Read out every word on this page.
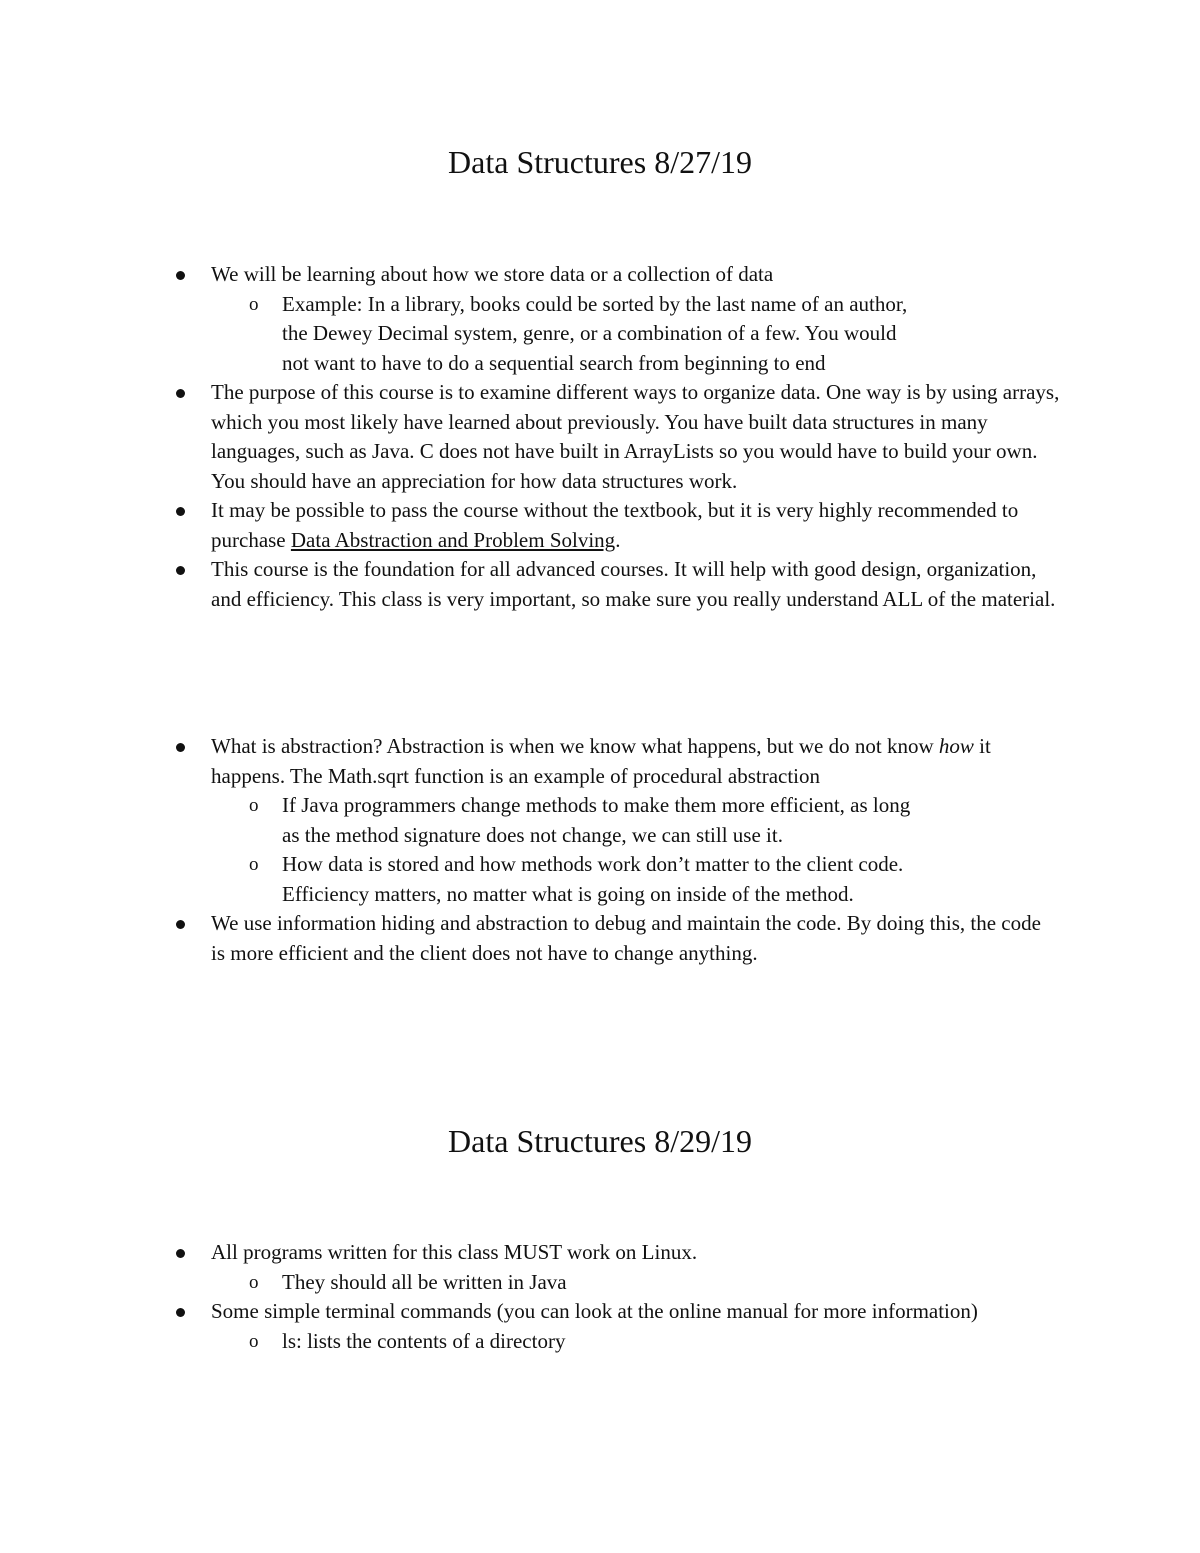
Data Structures 8/27/19
We will be learning about how we store data or a collection of data
o Example: In a library, books could be sorted by the last name of an author, the Dewey Decimal system, genre, or a combination of a few. You would not want to have to do a sequential search from beginning to end
The purpose of this course is to examine different ways to organize data. One way is by using arrays, which you most likely have learned about previously. You have built data structures in many languages, such as Java. C does not have built in ArrayLists so you would have to build your own. You should have an appreciation for how data structures work.
It may be possible to pass the course without the textbook, but it is very highly recommended to purchase Data Abstraction and Problem Solving.
This course is the foundation for all advanced courses. It will help with good design, organization, and efficiency. This class is very important, so make sure you really understand ALL of the material.
What is abstraction? Abstraction is when we know what happens, but we do not know how it happens. The Math.sqrt function is an example of procedural abstraction
o If Java programmers change methods to make them more efficient, as long as the method signature does not change, we can still use it.
o How data is stored and how methods work don’t matter to the client code. Efficiency matters, no matter what is going on inside of the method.
We use information hiding and abstraction to debug and maintain the code. By doing this, the code is more efficient and the client does not have to change anything.
Data Structures 8/29/19
All programs written for this class MUST work on Linux.
o They should all be written in Java
Some simple terminal commands (you can look at the online manual for more information)
o ls: lists the contents of a directory
